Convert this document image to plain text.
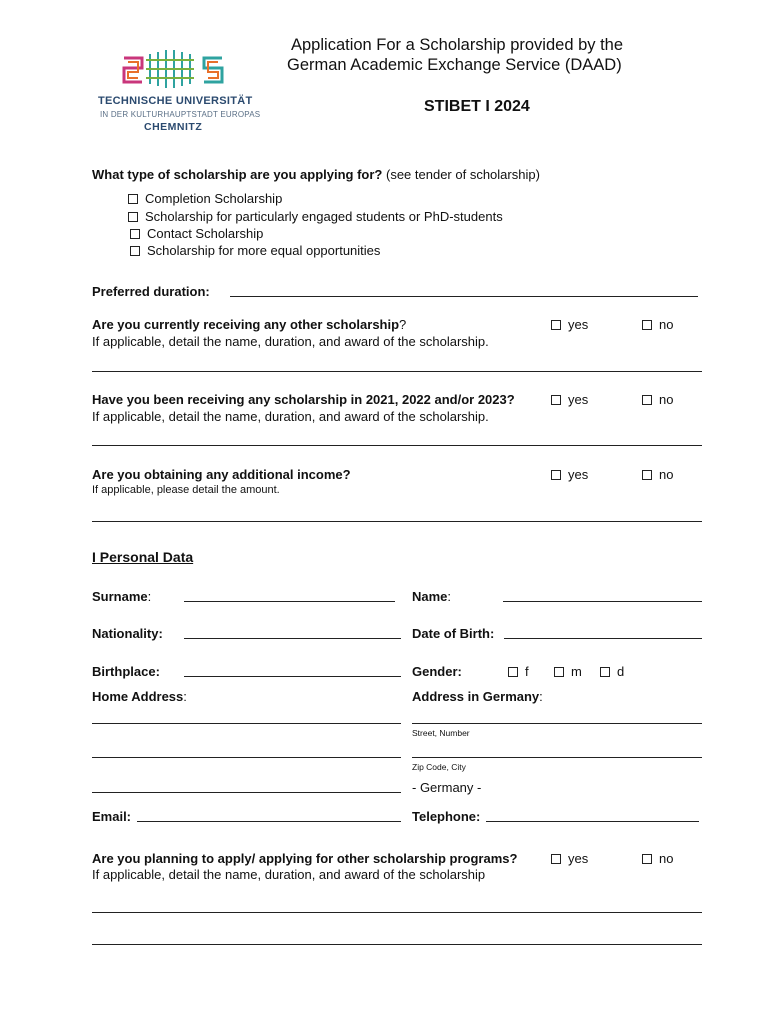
TECHNISCHE UNIVERSITÄT
IN DER KULTURHAUPTSTADT EUROPAS
CHEMNITZ
Application For a Scholarship provided by the
German Academic Exchange Service (DAAD)
STIBET I 2024
What type of scholarship are you applying for? (see tender of scholarship)
Completion Scholarship
Scholarship for particularly engaged students or PhD-students
Contact Scholarship
Scholarship for more equal opportunities
Preferred duration:
Are you currently receiving any other scholarship?
If applicable, detail the name, duration, and award of the scholarship.
yes	no
Have you been receiving any scholarship in 2021, 2022 and/or 2023?
If applicable, detail the name, duration, and award of the scholarship.
yes	no
Are you obtaining any additional income?
If applicable, please detail the amount.
yes	no
I Personal Data
Surname:	Name:
Nationality:	Date of Birth:
Birthplace:	Gender:	f	m	d
Home Address:	Address in Germany:
Street, Number
Zip Code, City
- Germany -
Email:	Telephone:
Are you planning to apply/ applying for other scholarship programs?
If applicable, detail the name, duration, and award of the scholarship
yes	no
